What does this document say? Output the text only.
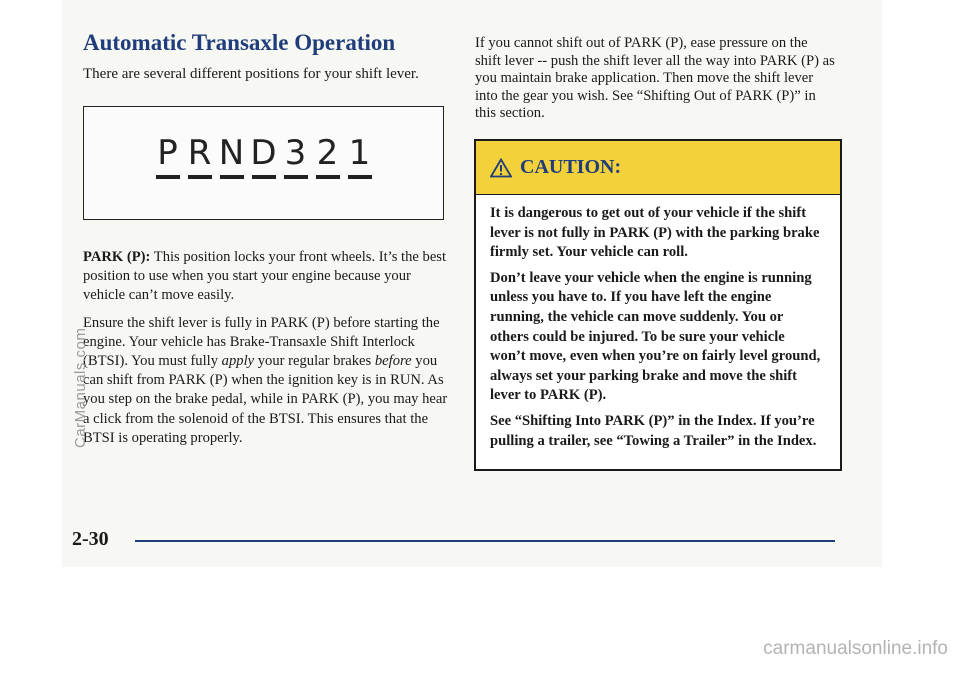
Automatic Transaxle Operation
There are several different positions for your shift lever.
P R N D 3 2 1

PARK (P): This position locks your front wheels. It’s the best position to use when you start your engine because your vehicle can’t move easily.

Ensure the shift lever is fully in PARK (P) before starting the engine. Your vehicle has Brake-Transaxle Shift Interlock (BTSI). You must fully apply your regular brakes before you can shift from PARK (P) when the ignition key is in RUN. As you step on the brake pedal, while in PARK (P), you may hear a click from the solenoid of the BTSI. This ensures that the BTSI is operating properly.

If you cannot shift out of PARK (P), ease pressure on the shift lever -- push the shift lever all the way into PARK (P) as you maintain brake application. Then move the shift lever into the gear you wish. See “Shifting Out of PARK (P)” in this section.

CAUTION:

It is dangerous to get out of your vehicle if the shift lever is not fully in PARK (P) with the parking brake firmly set. Your vehicle can roll.

Don’t leave your vehicle when the engine is running unless you have to. If you have left the engine running, the vehicle can move suddenly. You or others could be injured. To be sure your vehicle won’t move, even when you’re on fairly level ground, always set your parking brake and move the shift lever to PARK (P).

See “Shifting Into PARK (P)” in the Index. If you’re pulling a trailer, see “Towing a Trailer” in the Index.

2-30
CarManuals.com
carmanualsonline.info
